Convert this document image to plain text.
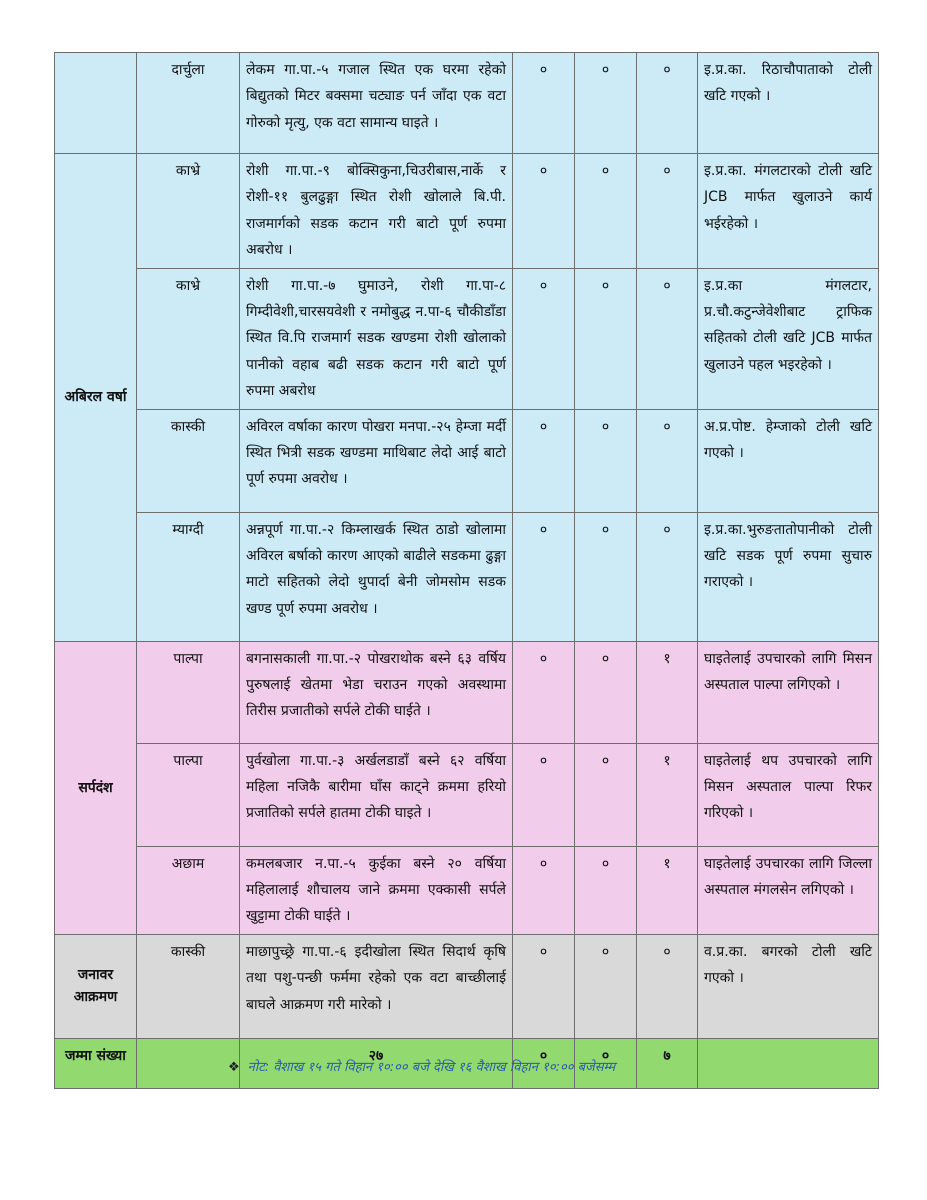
	दार्चुला	लेकम गा.पा.-५ गजाल स्थित एक घरमा रहेको बिद्युतको मिटर बक्समा चट्याङ पर्न जाँदा एक वटा गोरुको मृत्यु, एक वटा सामान्य घाइते ।	०	०	०	इ.प्र.का. रिठाचौपाताको टोली खटि गएको ।
अबिरल वर्षा	काभ्रे	रोशी गा.पा.-९ बोक्सिकुना,चिउरीबास,नार्के र रोशी-११ बुलढुङ्गा स्थित रोशी खोलाले बि.पी. राजमार्गको सडक कटान गरी बाटो पूर्ण रुपमा अबरोध ।	०	०	०	इ.प्र.का. मंगलटारको टोली खटि JCB मार्फत खुलाउने कार्य भईरहेको ।
	काभ्रे	रोशी गा.पा.-७ घुमाउने, रोशी गा.पा-८ गिम्दीवेशी,चारसयवेशी र नमोबुद्ध न.पा-६ चौकीडाँडा स्थित वि.पि राजमार्ग सडक खण्डमा रोशी खोलाको पानीको वहाब बढी सडक कटान गरी बाटो पूर्ण रुपमा अबरोध	०	०	०	इ.प्र.का मंगलटार, प्र.चौ.कटुन्जेवेशीबाट ट्राफिक सहितको टोली खटि JCB मार्फत खुलाउने पहल भइरहेको ।
	कास्की	अविरल वर्षाका कारण पोखरा मनपा.-२५ हेम्जा मर्दी स्थित भित्री सडक खण्डमा माथिबाट लेदो आई बाटो पूर्ण रुपमा अवरोध ।	०	०	०	अ.प्र.पोष्ट. हेम्जाको टोली खटि गएको ।
	म्याग्दी	अन्नपूर्ण गा.पा.-२ किम्लाखर्क स्थित ठाडो खोलामा अविरल बर्षाको कारण आएको बाढीले सडकमा ढुङ्गा माटो सहितको लेदो थुपार्दा बेनी जोमसोम सडक खण्ड पूर्ण रुपमा अवरोध ।	०	०	०	इ.प्र.का.भुरुङतातोपानीको टोली खटि सडक पूर्ण रुपमा सुचारु गराएको ।
सर्पदंश	पाल्पा	बगनासकाली गा.पा.-२ पोखराथोक बस्ने ६३ वर्षिय पुरुषलाई खेतमा भेडा चराउन गएको अवस्थामा तिरीस प्रजातीको सर्पले टोकी घाईते ।	०	०	१	घाइतेलाई उपचारको लागि मिसन अस्पताल पाल्पा लगिएको ।
	पाल्पा	पुर्वखोला गा.पा.-३ अर्खलडाडाँ बस्ने ६२ वर्षिया महिला नजिकै बारीमा घाँस काट्ने क्रममा हरियो प्रजातिको सर्पले हातमा टोकी घाइते ।	०	०	१	घाइतेलाई थप उपचारको लागि मिसन अस्पताल पाल्पा रिफर गरिएको ।
	अछाम	कमलबजार न.पा.-५ कुईका बस्ने २० वर्षिया महिलालाई शौचालय जाने क्रममा एक्कासी सर्पले खुट्टामा टोकी घाईते ।	०	०	१	घाइतेलाई उपचारका लागि जिल्ला अस्पताल मंगलसेन लगिएको ।
जनावर आक्रमण	कास्की	माछापुच्छ्रे गा.पा.-६ इदीखोला स्थित सिदार्थ कृषि तथा पशु-पन्छी फर्ममा रहेको एक वटा बाच्छीलाई बाघले आक्रमण गरी मारेको ।	०	०	०	व.प्र.का. बगरको टोली खटि गएको ।
जम्मा संख्या		२७	०	०	७	
❖ नोट: वैशाख १५ गते विहान १०:०० बजे देखि १६ वैशाख विहान १०:०० बजेसम्म
